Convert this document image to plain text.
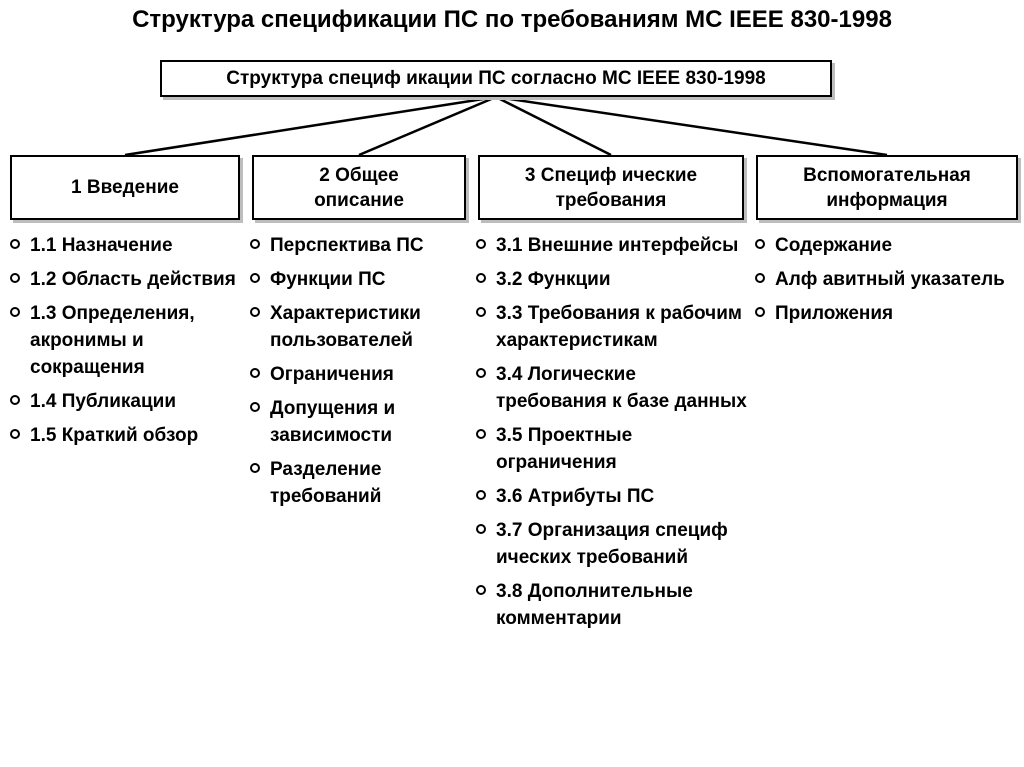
Структура спецификации ПС по требованиям МС IEEE 830-1998
Структура специф икации ПС согласно МС IEEE 830-1998
1 Введение
2 Общее
описание
3 Специф ические
требования
Вспомогательная
информация
1.1 Назначение
1.2 Область действия
1.3 Определения, акронимы и сокращения
1.4 Публикации
1.5 Краткий обзор
Перспектива ПС
Функции ПС
Характеристики пользователей
Ограничения
Допущения и зависимости
Разделение требований
3.1 Внешние интерфейсы
3.2 Функции
3.3 Требования к рабочим характеристикам
3.4 Логические требования к базе данных
3.5 Проектные ограничения
3.6 Атрибуты ПС
3.7 Организация специф ических требований
3.8 Дополнительные комментарии
Содержание
Алф авитный указатель
Приложения
